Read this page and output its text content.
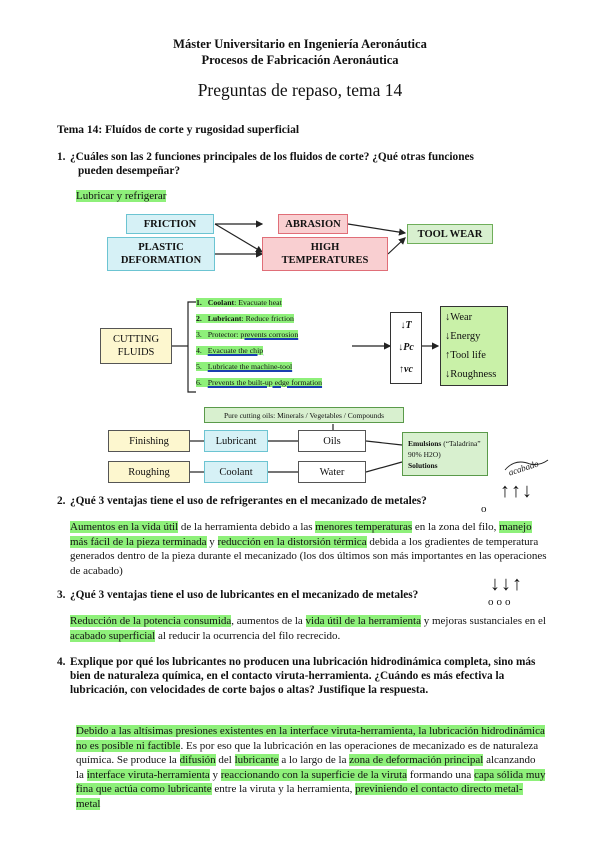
Máster Universitario en Ingeniería Aeronáutica
Procesos de Fabricación Aeronáutica
Preguntas de repaso, tema 14
Tema 14: Fluídos de corte y rugosidad superficial
1. ¿Cuáles son las 2 funciones principales de los fluidos de corte? ¿Qué otras funciones
pueden desempeñar?
Lubricar y refrigerar
FRICTION
PLASTIC
DEFORMATION
ABRASION
HIGH
TEMPERATURES
TOOL WEAR
CUTTING
FLUIDS
1. Coolant: Evacuate heat
2. Lubricant: Reduce friction
3. Protector: prevents corrosion
4. Evacuate the chip
5. Lubricate the machine-tool
6. Prevents the built-up edge formation
↓T
↓Pc
↑vc
↓Wear
↓Energy
↑Tool life
↓Roughness
Pure cutting oils: Minerals / Vegetables / Compounds
Finishing
Roughing
Lubricant
Coolant
Oils
Water
Emulsions (“Taladrina”
90% H2O)
Solutions	acabado
↑↑↓
o
2. ¿Qué 3 ventajas tiene el uso de refrigerantes en el mecanizado de metales?
Aumentos en la vida útil de la herramienta debido a las menores temperaturas en la zona del filo, manejo más fácil de la pieza terminada y reducción en la distorsión térmica debida a los gradientes de temperatura generados dentro de la pieza durante el mecanizado (los dos últimos son más importantes en las operaciones de acabado)
↓↓↑
ooo
3. ¿Qué 3 ventajas tiene el uso de lubricantes en el mecanizado de metales?
Reducción de la potencia consumida, aumentos de la vida útil de la herramienta y mejoras sustanciales en el acabado superficial al reducir la ocurrencia del filo recrecido.
4. Explique por qué los lubricantes no producen una lubricación hidrodinámica completa, sino más bien de naturaleza química, en el contacto viruta-herramienta. ¿Cuándo es más efectiva la lubricación, con velocidades de corte bajos o altas? Justifique la respuesta.
Debido a las altísimas presiones existentes en la interface viruta-herramienta, la lubricación hidrodinámica no es posible ni factible. Es por eso que la lubricación en las operaciones de mecanizado es de naturaleza química. Se produce la difusión del lubricante a lo largo de la zona de deformación principal alcanzando la interface viruta-herramienta y reaccionando con la superficie de la viruta formando una capa sólida muy fina que actúa como lubricante entre la viruta y la herramienta, previniendo el contacto directo metal-metal
